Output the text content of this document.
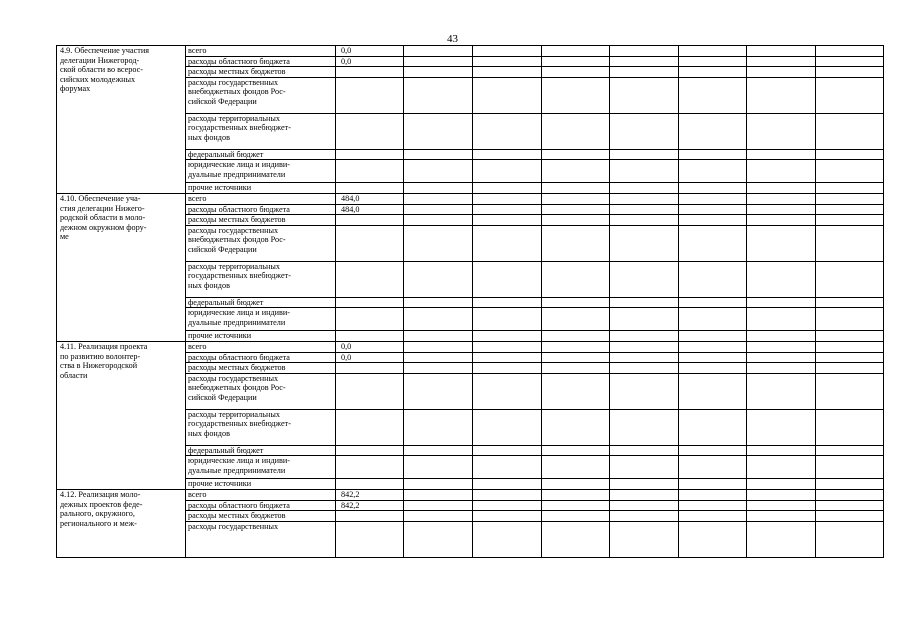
43
4.9. Обеспечение участия
делегации Нижегород-
ской области во всерос-
сийских молодежных
форумах	всего	0,0							
	расходы областного бюджета	0,0							
	расходы местных бюджетов								
	расходы государственных
внебюджетных фондов Рос-
сийской Федерации								
	расходы территориальных
государственных внебюджет-
ных фондов								
	федеральный бюджет								
	юридические лица и индиви-
дуальные предприниматели								
	прочие источники								
4.10. Обеспечение уча-
стия делегации Нижего-
родской области в моло-
дежном окружном фору-
ме	всего	484,0							
	расходы областного бюджета	484,0							
	расходы местных бюджетов								
	расходы государственных
внебюджетных фондов Рос-
сийской Федерации								
	расходы территориальных
государственных внебюджет-
ных фондов								
	федеральный бюджет								
	юридические лица и индиви-
дуальные предприниматели								
	прочие источники								
4.11. Реализация проекта
по развитию волонтер-
ства в Нижегородской
области	всего	0,0							
	расходы областного бюджета	0,0							
	расходы местных бюджетов								
	расходы государственных
внебюджетных фондов Рос-
сийской Федерации								
	расходы территориальных
государственных внебюджет-
ных фондов								
	федеральный бюджет								
	юридические лица и индиви-
дуальные предприниматели								
	прочие источники								
4.12. Реализация моло-
дежных проектов феде-
рального, окружного,
регионального и меж-	всего	842,2							
	расходы областного бюджета	842,2							
	расходы местных бюджетов								
	расходы государственных								
